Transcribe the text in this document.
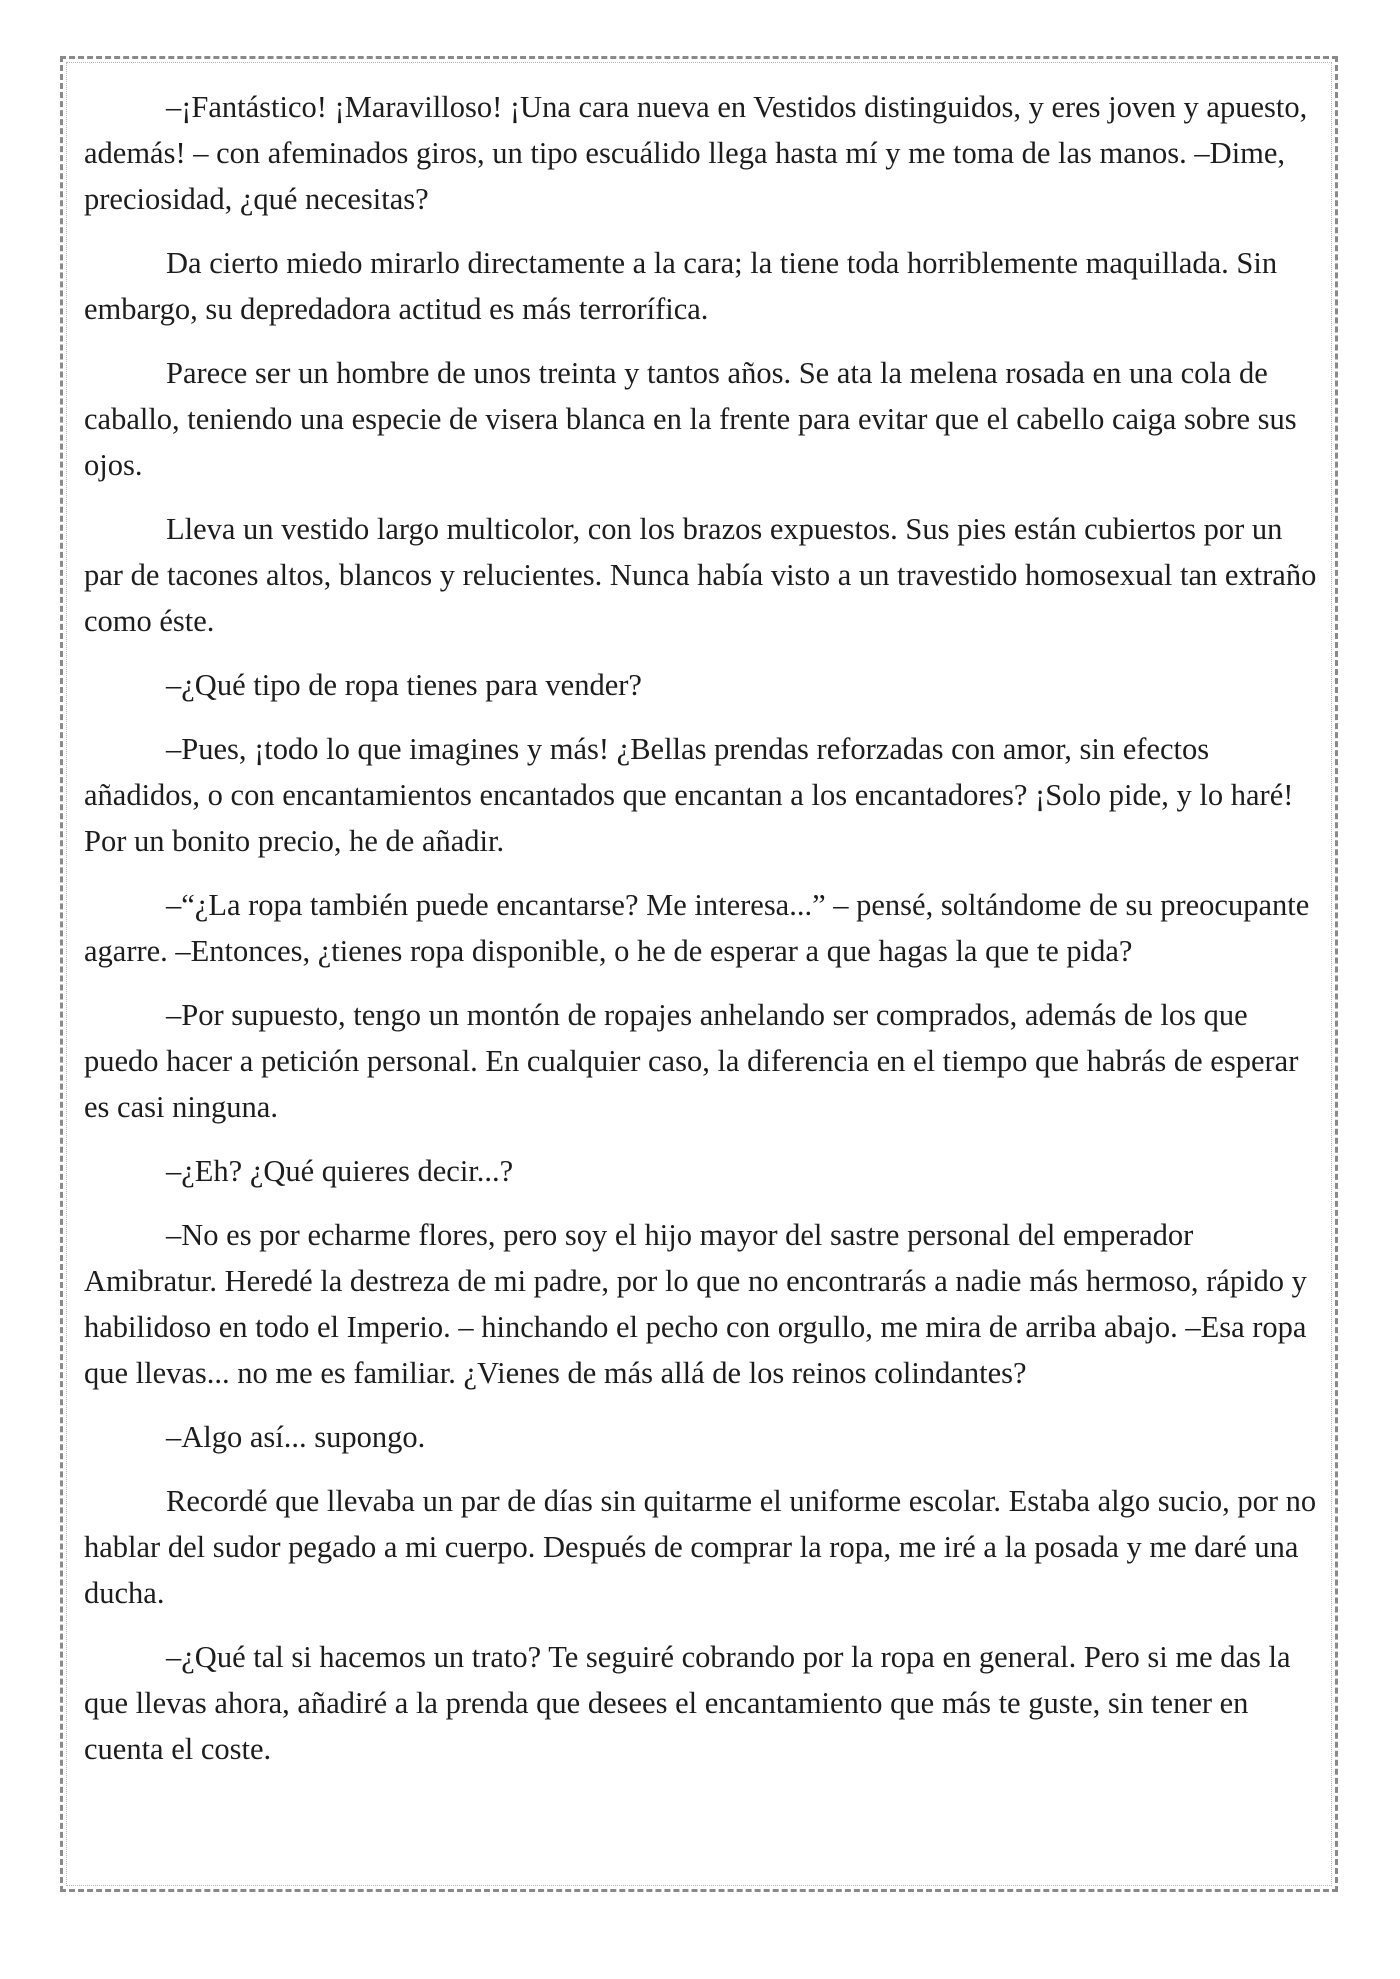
–¡Fantástico! ¡Maravilloso! ¡Una cara nueva en Vestidos distinguidos, y eres joven y apuesto, además! – con afeminados giros, un tipo escuálido llega hasta mí y me toma de las manos. –Dime, preciosidad, ¿qué necesitas?

Da cierto miedo mirarlo directamente a la cara; la tiene toda horriblemente maquillada. Sin embargo, su depredadora actitud es más terrorífica.

Parece ser un hombre de unos treinta y tantos años. Se ata la melena rosada en una cola de caballo, teniendo una especie de visera blanca en la frente para evitar que el cabello caiga sobre sus ojos.

Lleva un vestido largo multicolor, con los brazos expuestos. Sus pies están cubiertos por un par de tacones altos, blancos y relucientes. Nunca había visto a un travestido homosexual tan extraño como éste.

–¿Qué tipo de ropa tienes para vender?

–Pues, ¡todo lo que imagines y más! ¿Bellas prendas reforzadas con amor, sin efectos añadidos, o con encantamientos encantados que encantan a los encantadores? ¡Solo pide, y lo haré! Por un bonito precio, he de añadir.

–“¿La ropa también puede encantarse? Me interesa...” – pensé, soltándome de su preocupante agarre. –Entonces, ¿tienes ropa disponible, o he de esperar a que hagas la que te pida?

–Por supuesto, tengo un montón de ropajes anhelando ser comprados, además de los que puedo hacer a petición personal. En cualquier caso, la diferencia en el tiempo que habrás de esperar es casi ninguna.

–¿Eh? ¿Qué quieres decir...?

–No es por echarme flores, pero soy el hijo mayor del sastre personal del emperador Amibratur. Heredé la destreza de mi padre, por lo que no encontrarás a nadie más hermoso, rápido y habilidoso en todo el Imperio. – hinchando el pecho con orgullo, me mira de arriba abajo. –Esa ropa que llevas... no me es familiar. ¿Vienes de más allá de los reinos colindantes?

–Algo así... supongo.

Recordé que llevaba un par de días sin quitarme el uniforme escolar. Estaba algo sucio, por no hablar del sudor pegado a mi cuerpo. Después de comprar la ropa, me iré a la posada y me daré una ducha.

–¿Qué tal si hacemos un trato? Te seguiré cobrando por la ropa en general. Pero si me das la que llevas ahora, añadiré a la prenda que desees el encantamiento que más te guste, sin tener en cuenta el coste.
